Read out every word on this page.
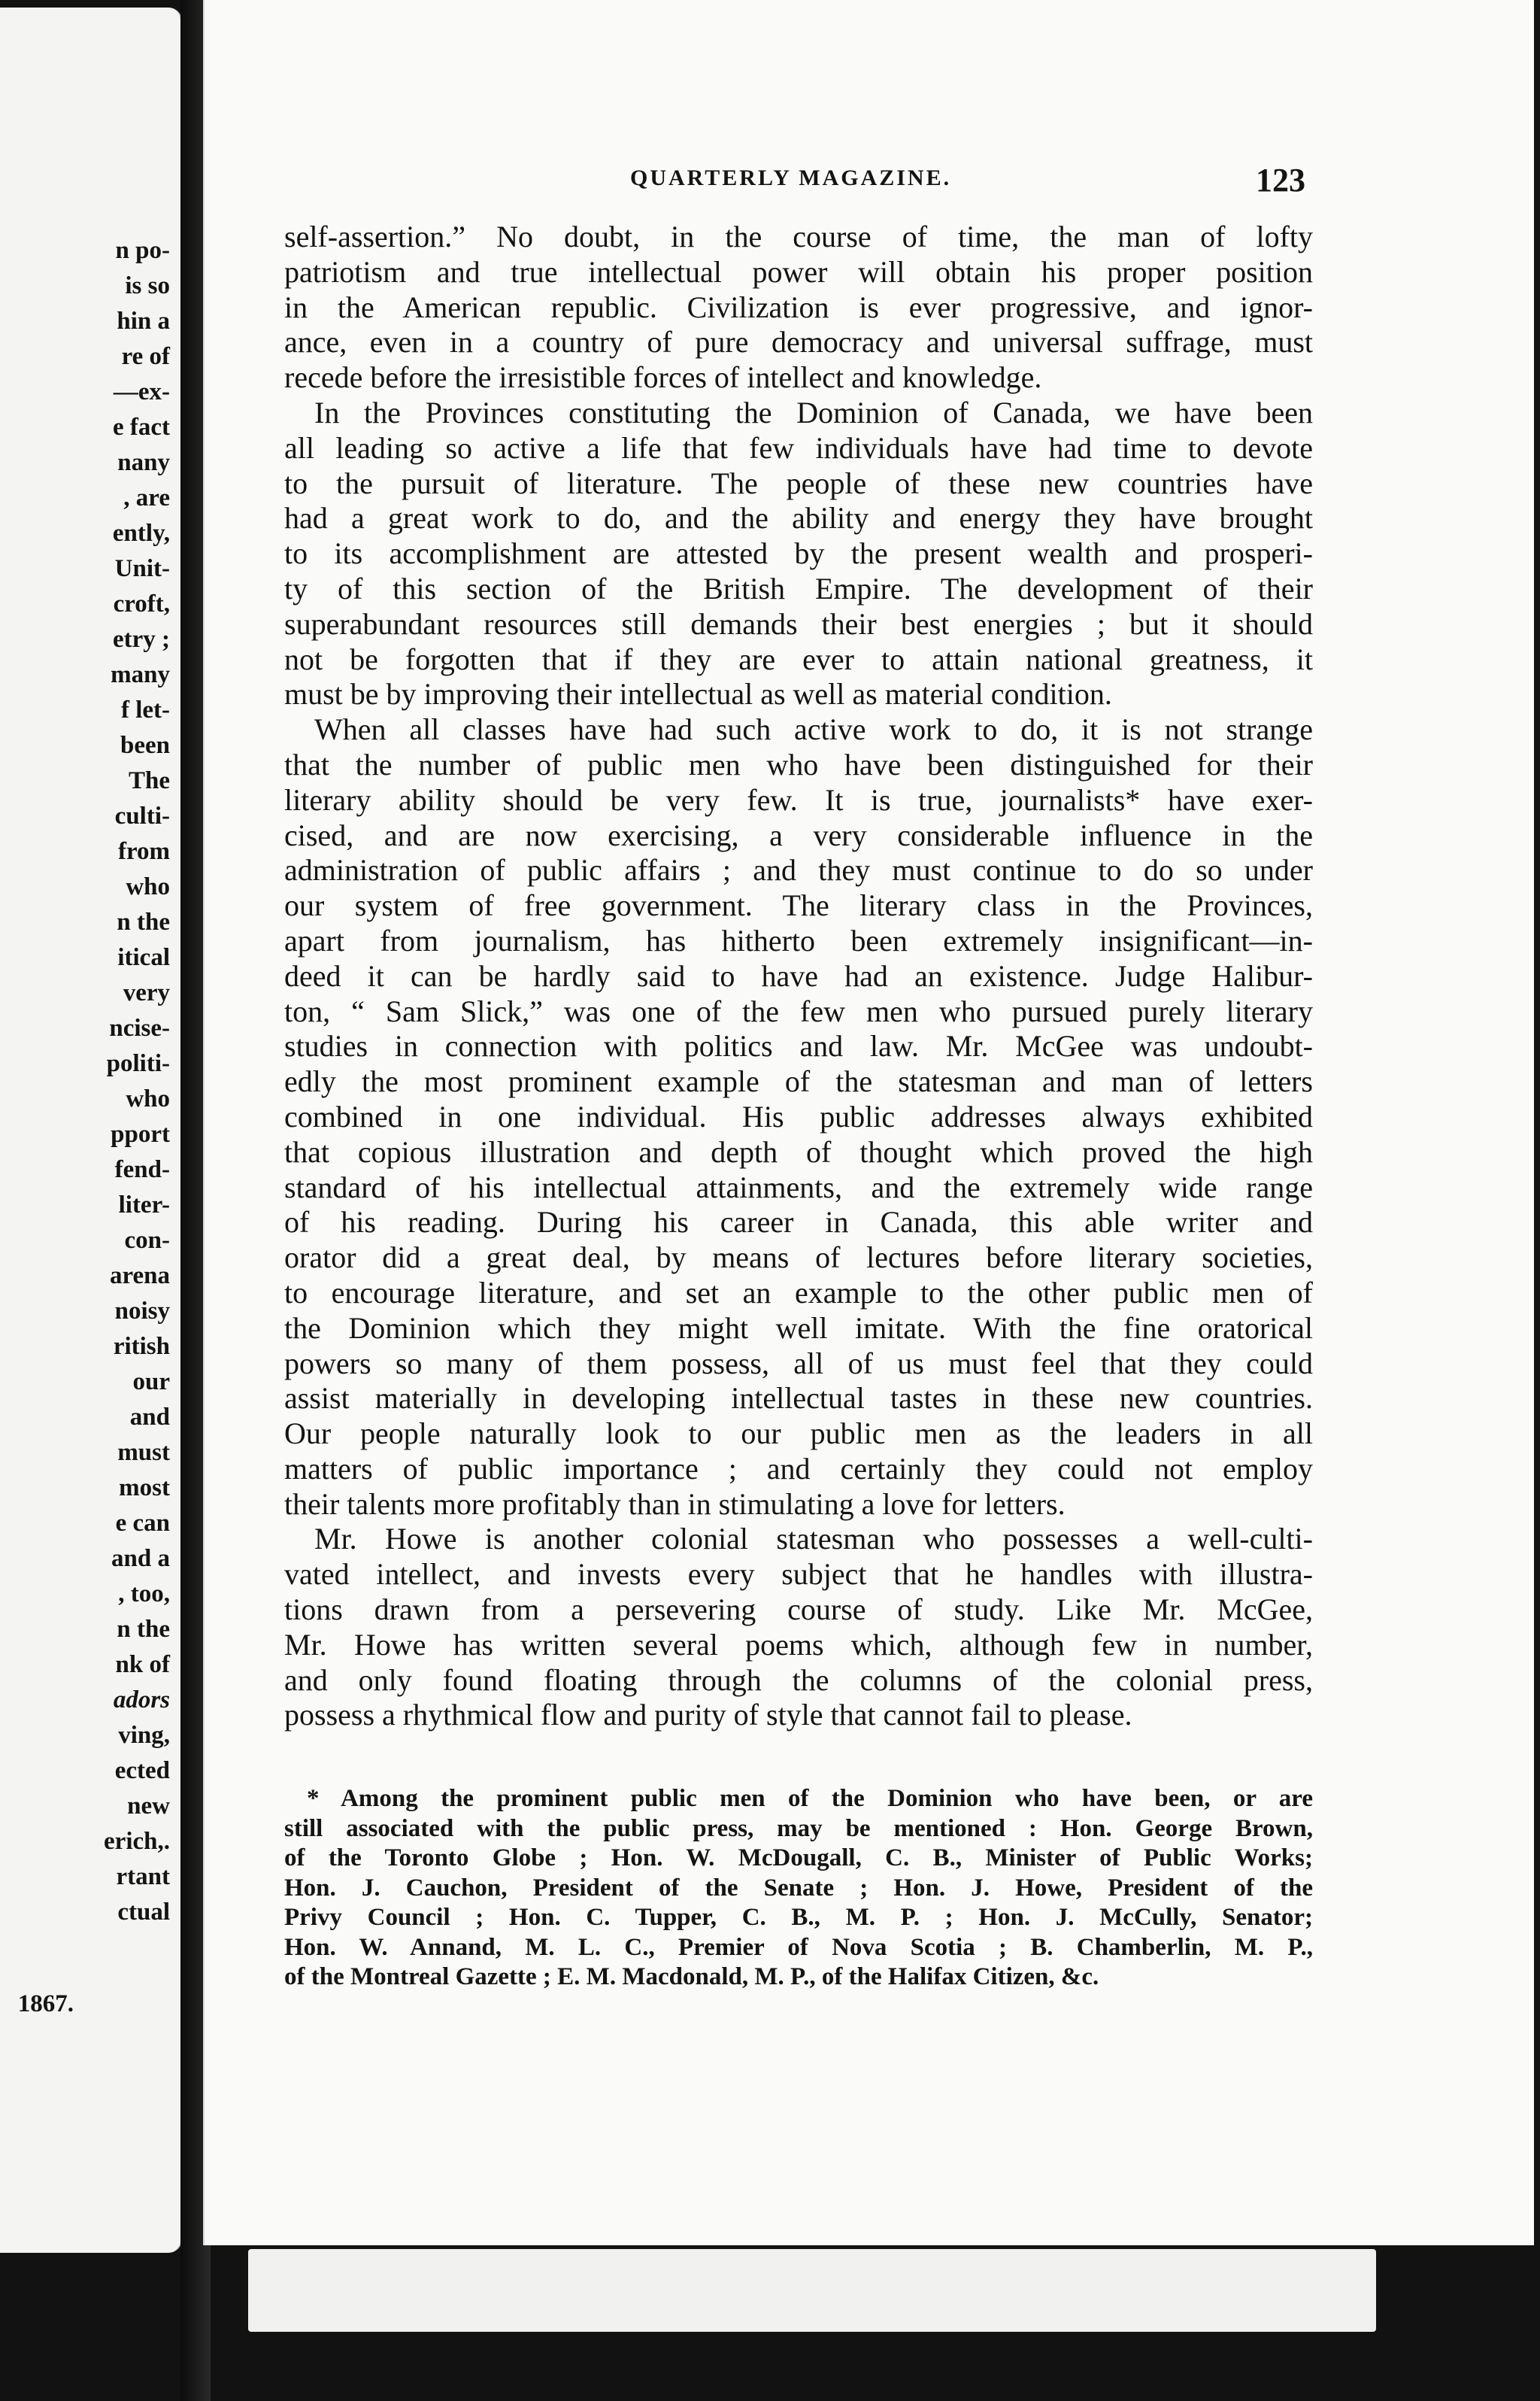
n po-
is so
hin a
re of
—ex-
e fact
nany
, are
ently,
Unit-
croft,
etry ;
many
f let-
been
The
culti-
from
who
n the
itical
very
ncise-
politi-
who
pport
fend-
liter-
con-
arena
noisy
ritish
our
and
must
most
e can
and a
, too,
n the
nk of
adors
ving,
ected
new
erich,.
rtant
ctual
1867.
QUARTERLY MAGAZINE.	123
self-assertion.” No doubt, in the course of time, the man of lofty
patriotism and true intellectual power will obtain his proper position
in the American republic. Civilization is ever progressive, and ignor-
ance, even in a country of pure democracy and universal suffrage, must
recede before the irresistible forces of intellect and knowledge.
In the Provinces constituting the Dominion of Canada, we have been
all leading so active a life that few individuals have had time to devote
to the pursuit of literature. The people of these new countries have
had a great work to do, and the ability and energy they have brought
to its accomplishment are attested by the present wealth and prosperi-
ty of this section of the British Empire. The development of their
superabundant resources still demands their best energies ; but it should
not be forgotten that if they are ever to attain national greatness, it
must be by improving their intellectual as well as material condition.
When all classes have had such active work to do, it is not strange
that the number of public men who have been distinguished for their
literary ability should be very few. It is true, journalists* have exer-
cised, and are now exercising, a very considerable influence in the
administration of public affairs ; and they must continue to do so under
our system of free government. The literary class in the Provinces,
apart from journalism, has hitherto been extremely insignificant—in-
deed it can be hardly said to have had an existence. Judge Halibur-
ton, “ Sam Slick,” was one of the few men who pursued purely literary
studies in connection with politics and law. Mr. McGee was undoubt-
edly the most prominent example of the statesman and man of letters
combined in one individual. His public addresses always exhibited
that copious illustration and depth of thought which proved the high
standard of his intellectual attainments, and the extremely wide range
of his reading. During his career in Canada, this able writer and
orator did a great deal, by means of lectures before literary societies,
to encourage literature, and set an example to the other public men of
the Dominion which they might well imitate. With the fine oratorical
powers so many of them possess, all of us must feel that they could
assist materially in developing intellectual tastes in these new countries.
Our people naturally look to our public men as the leaders in all
matters of public importance ; and certainly they could not employ
their talents more profitably than in stimulating a love for letters.
Mr. Howe is another colonial statesman who possesses a well-culti-
vated intellect, and invests every subject that he handles with illustra-
tions drawn from a persevering course of study. Like Mr. McGee,
Mr. Howe has written several poems which, although few in number,
and only found floating through the columns of the colonial press,
possess a rhythmical flow and purity of style that cannot fail to please.
* Among the prominent public men of the Dominion who have been, or are
still associated with the public press, may be mentioned : Hon. George Brown,
of the Toronto Globe ; Hon. W. McDougall, C. B., Minister of Public Works;
Hon. J. Cauchon, President of the Senate ; Hon. J. Howe, President of the
Privy Council ; Hon. C. Tupper, C. B., M. P. ; Hon. J. McCully, Senator;
Hon. W. Annand, M. L. C., Premier of Nova Scotia ; B. Chamberlin, M. P.,
of the Montreal Gazette ; E. M. Macdonald, M. P., of the Halifax Citizen, &c.
